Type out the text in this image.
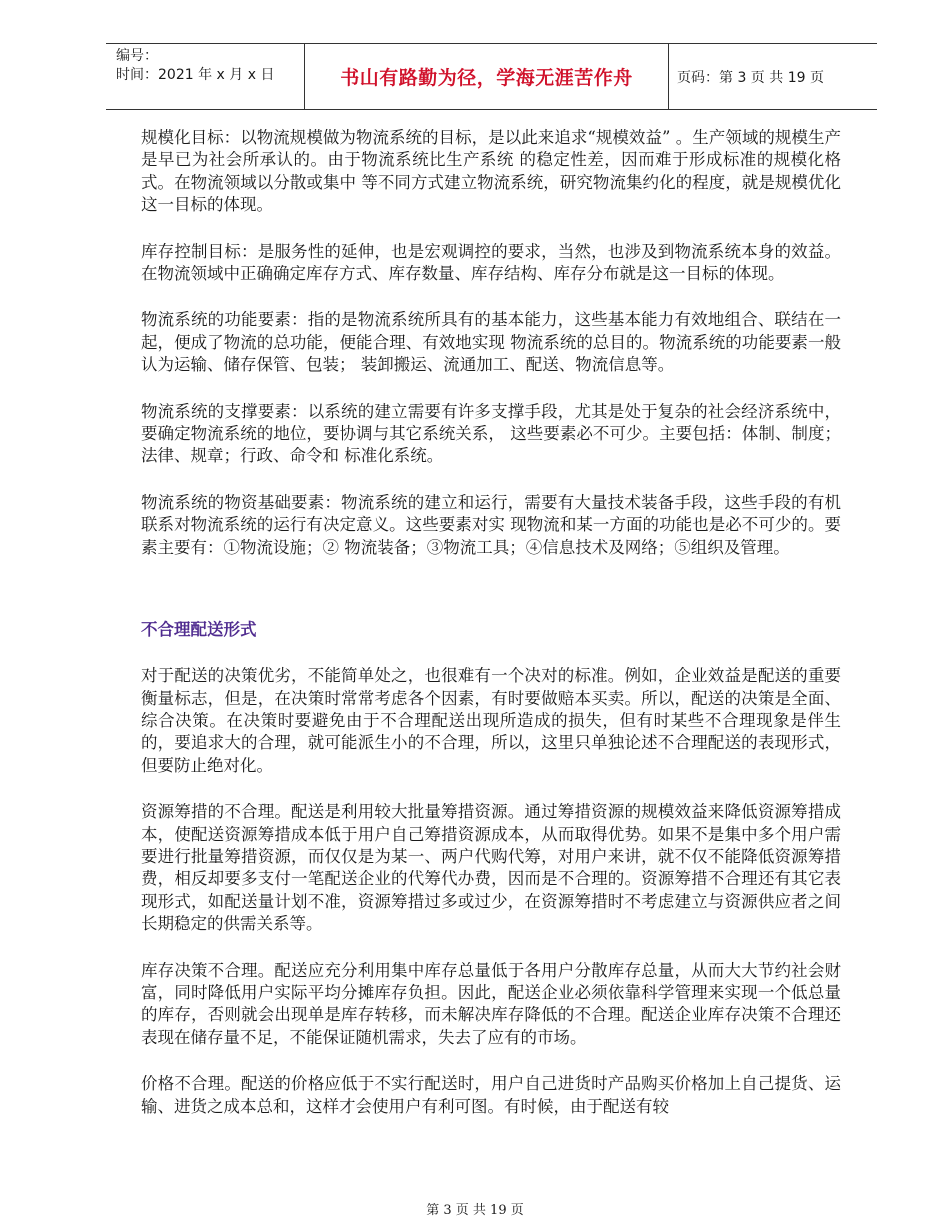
编号：
时间：2021 年 x 月 x 日	书山有路勤为径，学海无涯苦作舟	页码：第 3 页 共 19 页

规模化目标：以物流规模做为物流系统的目标，是以此来追求“规模效益” 。生产领域的规模生产是早已为社会所承认的。由于物流系统比生产系统 的稳定性差，因而难于形成标准的规模化格式。在物流领域以分散或集中 等不同方式建立物流系统，研究物流集约化的程度，就是规模优化这一目标的体现。

库存控制目标：是服务性的延伸，也是宏观调控的要求，当然，也涉及到物流系统本身的效益。在物流领域中正确确定库存方式、库存数量、库存结构、库存分布就是这一目标的体现。

物流系统的功能要素：指的是物流系统所具有的基本能力，这些基本能力有效地组合、联结在一起，便成了物流的总功能，便能合理、有效地实现 物流系统的总目的。物流系统的功能要素一般认为运输、储存保管、包装； 装卸搬运、流通加工、配送、物流信息等。

物流系统的支撑要素：以系统的建立需要有许多支撑手段，尤其是处于复杂的社会经济系统中，要确定物流系统的地位，要协调与其它系统关系， 这些要素必不可少。主要包括：体制、制度；法律、规章；行政、命令和 标准化系统。

物流系统的物资基础要素：物流系统的建立和运行，需要有大量技术装备手段，这些手段的有机联系对物流系统的运行有决定意义。这些要素对实 现物流和某一方面的功能也是必不可少的。要素主要有：①物流设施；② 物流装备；③物流工具；④信息技术及网络；⑤组织及管理。

不合理配送形式

对于配送的决策优劣，不能简单处之，也很难有一个决对的标准。例如，企业效益是配送的重要衡量标志，但是，在决策时常常考虑各个因素，有时要做赔本买卖。所以，配送的决策是全面、综合决策。在决策时要避免由于不合理配送出现所造成的损失，但有时某些不合理现象是伴生的，要追求大的合理，就可能派生小的不合理，所以，这里只单独论述不合理配送的表现形式，但要防止绝对化。

资源筹措的不合理。配送是利用较大批量筹措资源。通过筹措资源的规模效益来降低资源筹措成本，使配送资源筹措成本低于用户自己筹措资源成本，从而取得优势。如果不是集中多个用户需要进行批量筹措资源，而仅仅是为某一、两户代购代筹，对用户来讲，就不仅不能降低资源筹措费，相反却要多支付一笔配送企业的代筹代办费，因而是不合理的。资源筹措不合理还有其它表现形式，如配送量计划不准，资源筹措过多或过少，在资源筹措时不考虑建立与资源供应者之间长期稳定的供需关系等。

库存决策不合理。配送应充分利用集中库存总量低于各用户分散库存总量，从而大大节约社会财富，同时降低用户实际平均分摊库存负担。因此，配送企业必须依靠科学管理来实现一个低总量的库存，否则就会出现单是库存转移，而未解决库存降低的不合理。配送企业库存决策不合理还表现在储存量不足，不能保证随机需求，失去了应有的市场。

价格不合理。配送的价格应低于不实行配送时，用户自己进货时产品购买价格加上自己提货、运输、进货之成本总和，这样才会使用户有利可图。有时候，由于配送有较

第 3 页 共 19 页
